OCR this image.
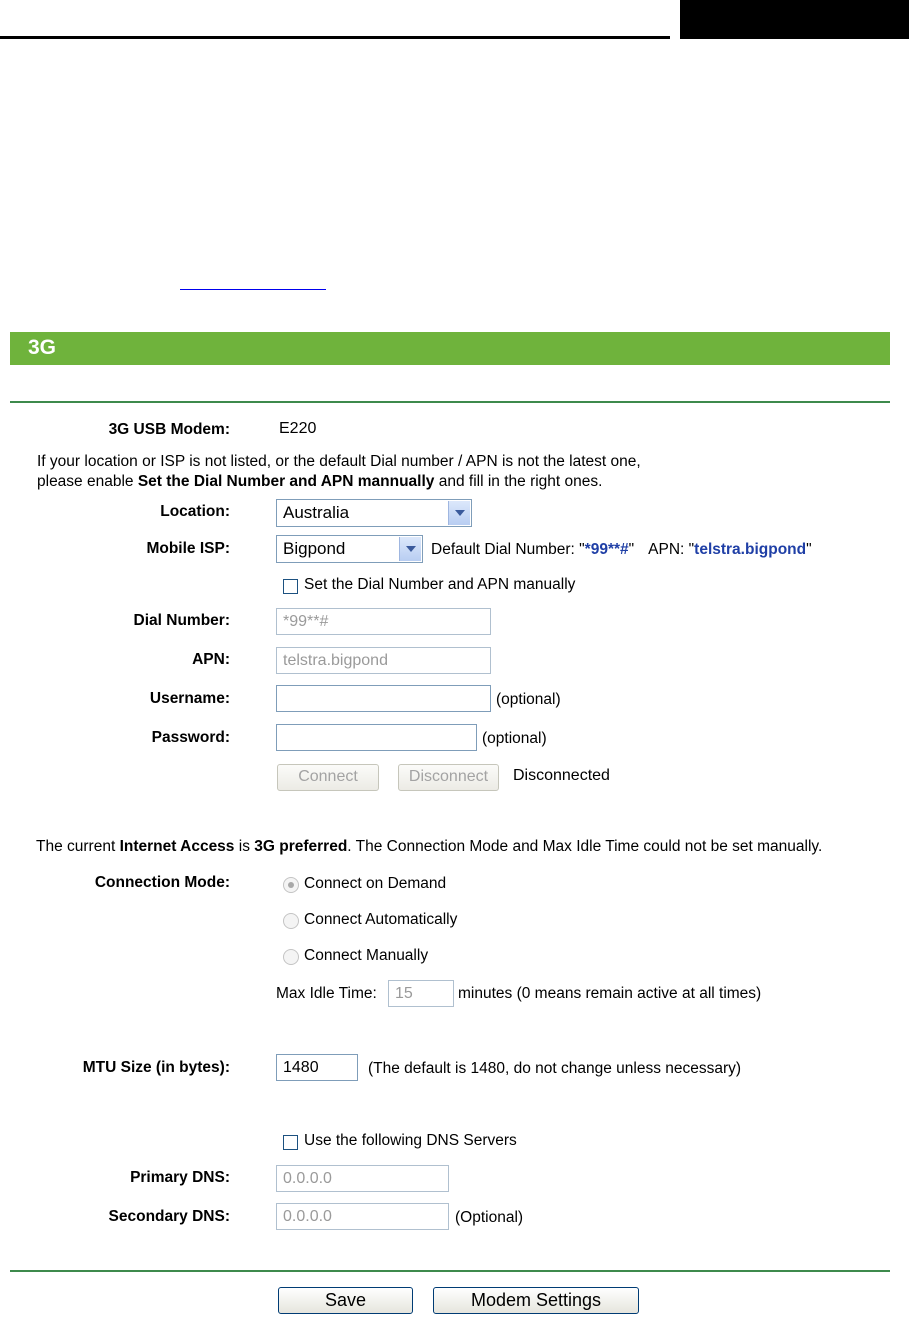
3G
3G USB Modem:	E220
If your location or ISP is not listed, or the default Dial number / APN is not the latest one,
please enable Set the Dial Number and APN mannually and fill in the right ones.
Location:	Australia
Mobile ISP:	Bigpond	Default Dial Number: "*99**#" APN: "telstra.bigpond"
Set the Dial Number and APN manually
Dial Number:	*99**#
APN:	telstra.bigpond
Username:	(optional)
Password:	(optional)
Connect	Disconnect	Disconnected
The current Internet Access is 3G preferred. The Connection Mode and Max Idle Time could not be set manually.
Connection Mode:	Connect on Demand
Connect Automatically
Connect Manually
Max Idle Time:	15	minutes (0 means remain active at all times)
MTU Size (in bytes):	1480	(The default is 1480, do not change unless necessary)
Use the following DNS Servers
Primary DNS:	0.0.0.0
Secondary DNS:	0.0.0.0	(Optional)
Save	Modem Settings
